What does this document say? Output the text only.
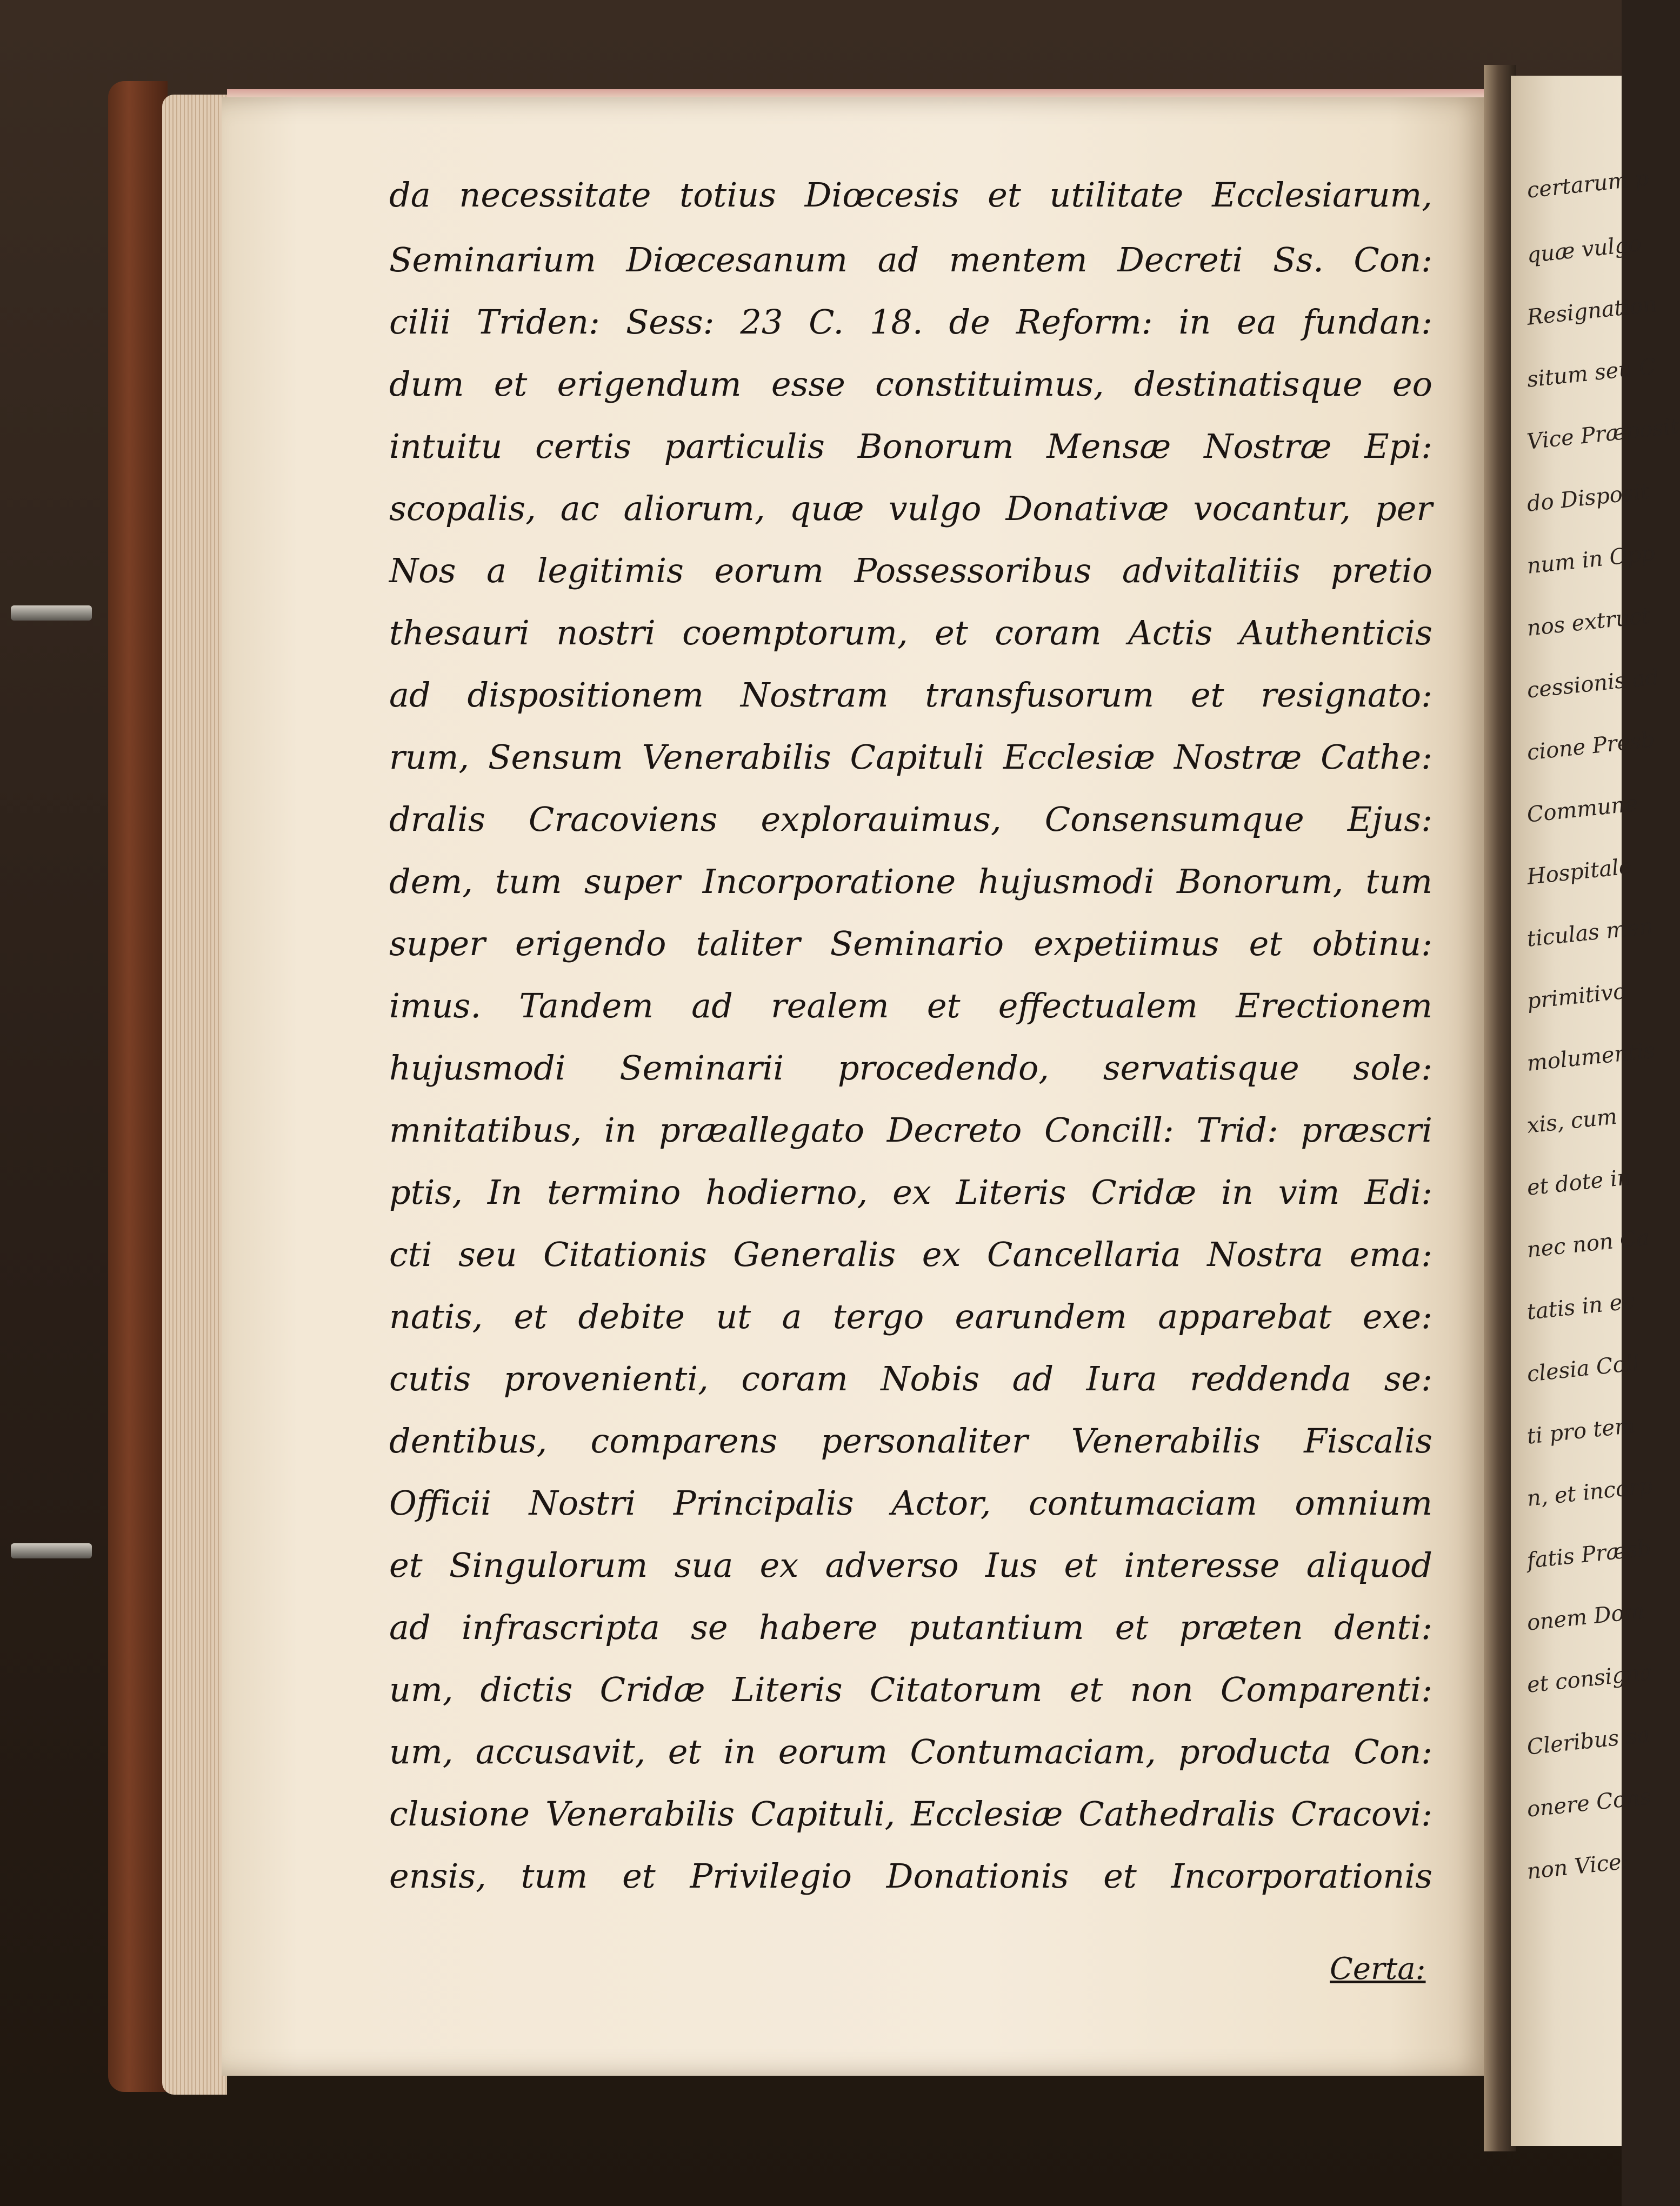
da necessitate totius Diœcesis et utilitate Ecclesiarum,
Seminarium Diœcesanum ad mentem Decreti Ss. Con:
cilii Triden: Sess: 23 C. 18. de Reform: in ea fundan:
dum et erigendum esse constituimus, destinatisque eo
intuitu certis particulis Bonorum Mensæ Nostræ Epi:
scopalis, ac aliorum, quæ vulgo Donativæ vocantur, per
Nos a legitimis eorum Possessoribus advitalitiis pretio
thesauri nostri coemptorum, et coram Actis Authenticis
ad dispositionem Nostram transfusorum et resignato:
rum, Sensum Venerabilis Capituli Ecclesiæ Nostræ Cathe:
dralis Cracoviens explorauimus, Consensumque Ejus:
dem, tum super Incorporatione hujusmodi Bonorum, tum
super erigendo taliter Seminario expetiimus et obtinu:
imus. Tandem ad realem et effectualem Erectionem
hujusmodi Seminarii procedendo, servatisque sole:
mnitatibus, in præallegato Decreto Concill: Trid: præscri
ptis, In termino hodierno, ex Literis Cridæ in vim Edi:
cti seu Citationis Generalis ex Cancellaria Nostra ema:
natis, et debite ut a tergo earundem apparebat exe:
cutis provenienti, coram Nobis ad Iura reddenda se:
dentibus, comparens personaliter Venerabilis Fiscalis
Officii Nostri Principalis Actor, contumaciam omnium
et Singulorum sua ex adverso Ius et interesse aliquod
ad infrascripta se habere putantium et præten denti:
um, dictis Cridæ Literis Citatorum et non Comparenti:
um, accusavit, et in eorum Contumaciam, producta Con:
clusione Venerabilis Capituli, Ecclesiæ Cathedralis Cracovi:
ensis, tum et Privilegio Donationis et Incorporationis
Certa:
certarum p
quæ vulgo
Resignation
situm seu C
Vice Præposit
do Disposit
num in Opp
nos extruct
cessionis ad
cione Presb
Commune
Hospitale
ticulas men
primitivo
molumentis
xis, cum
et dote in
nec non Ca
tatis in ec
clesia Coll
ti pro tem
n, et incorp
fatis Præsb
onem Dom
et consigna
Cleribus sa
onere Cons
non Vice:
